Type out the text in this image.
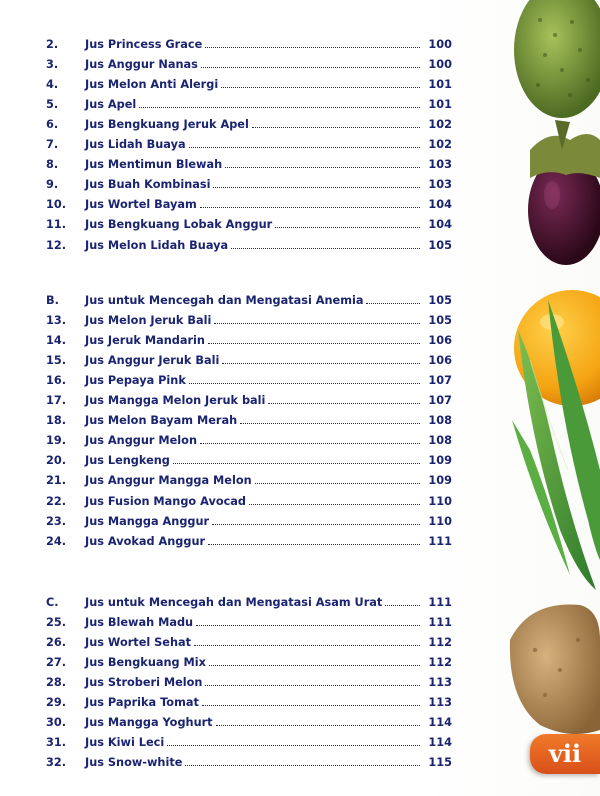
2.	Jus Princess Grace	100
3.	Jus Anggur Nanas	100
4.	Jus Melon Anti Alergi	101
5.	Jus Apel	101
6.	Jus Bengkuang Jeruk Apel	102
7.	Jus Lidah Buaya	102
8.	Jus Mentimun Blewah	103
9.	Jus Buah Kombinasi	103
10.	Jus Wortel Bayam	104
11.	Jus Bengkuang Lobak Anggur	104
12.	Jus Melon Lidah Buaya	105
B.	Jus untuk Mencegah dan Mengatasi Anemia	105
13.	Jus Melon Jeruk Bali	105
14.	Jus Jeruk Mandarin	106
15.	Jus Anggur Jeruk Bali	106
16.	Jus Pepaya Pink	107
17.	Jus Mangga Melon Jeruk bali	107
18.	Jus Melon Bayam Merah	108
19.	Jus Anggur Melon	108
20.	Jus Lengkeng	109
21.	Jus Anggur Mangga Melon	109
22.	Jus Fusion Mango Avocad	110
23.	Jus Mangga Anggur	110
24.	Jus Avokad Anggur	111
C.	Jus untuk Mencegah dan Mengatasi Asam Urat	111
25.	Jus Blewah Madu	111
26.	Jus Wortel Sehat	112
27.	Jus Bengkuang Mix	112
28.	Jus Stroberi Melon	113
29.	Jus Paprika Tomat	113
30.	Jus Mangga Yoghurt	114
31.	Jus Kiwi Leci	114
32.	Jus Snow-white	115	vii
